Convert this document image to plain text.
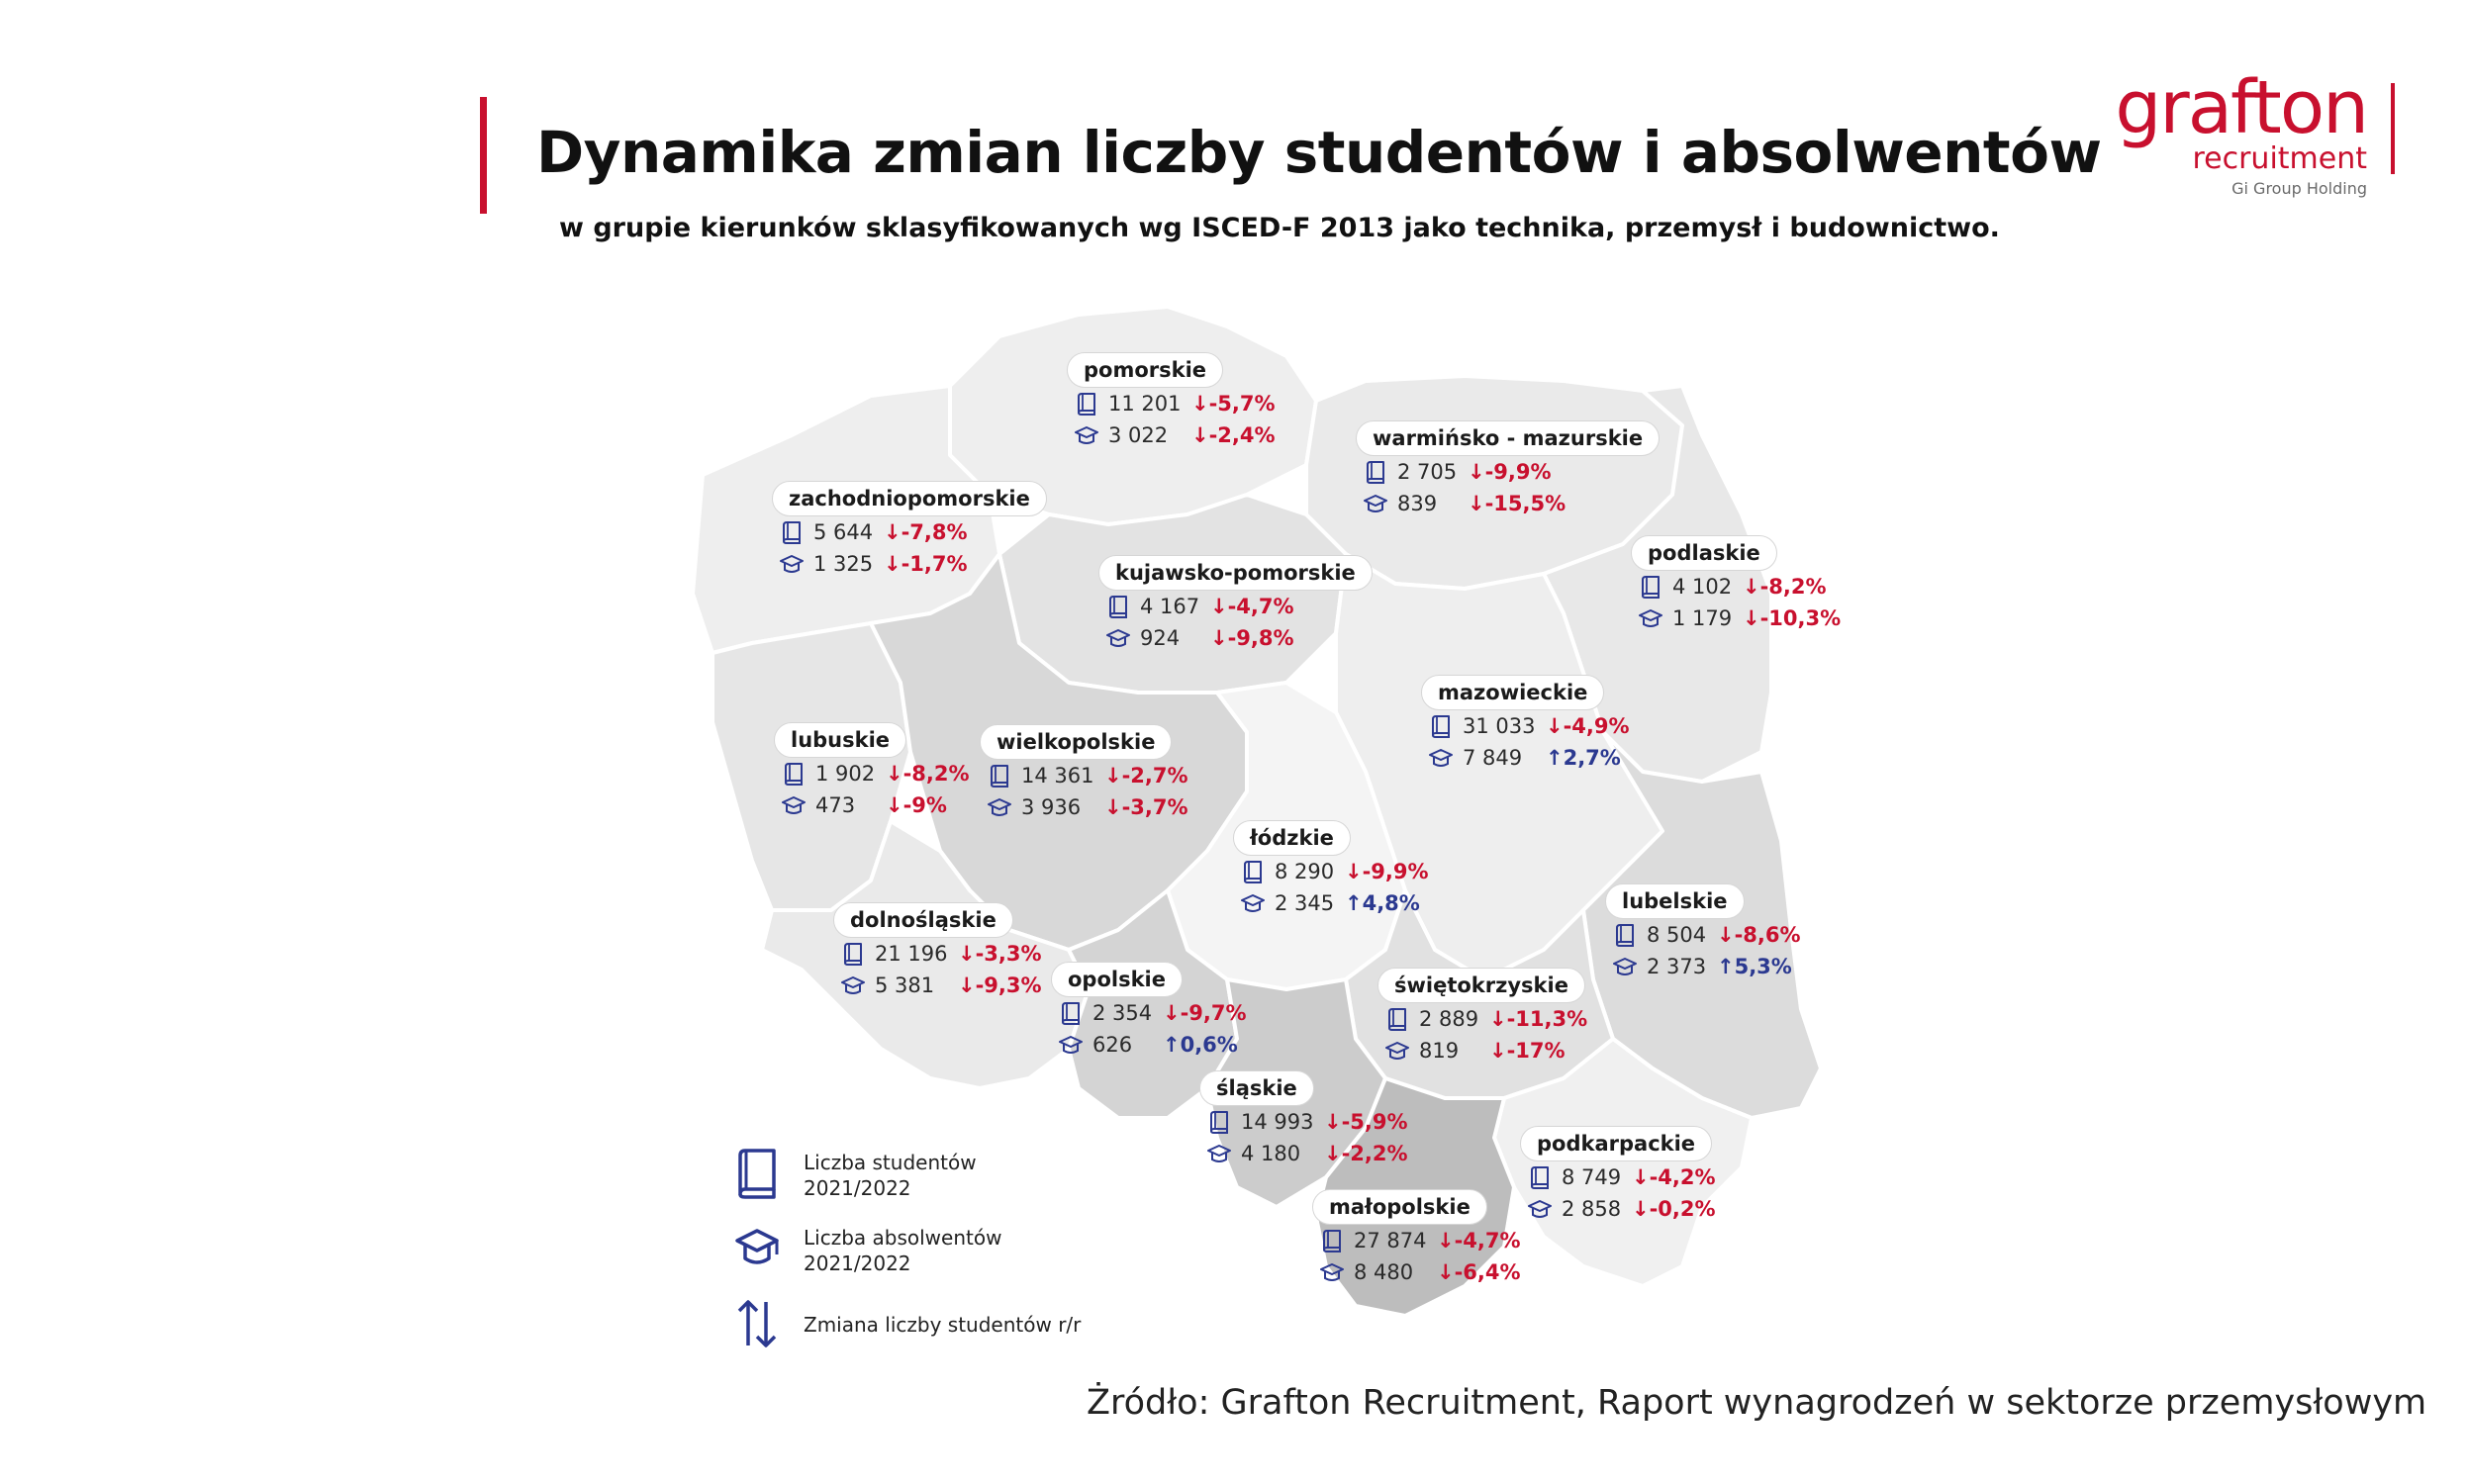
Dynamika zmian liczby studentów i absolwentów
w grupie kierunków sklasyfikowanych wg ISCED-F 2013 jako technika, przemysł i budownictwo.
grafton
recruitment
Gi Group Holding
pomorskie
11 201 ↓-5,7%
3 022	↓-2,4%	warmińsko - mazurskie
2 705 ↓-9,9%
839	↓-15,5%
zachodniopomorskie
5 644 ↓-7,8%
1 325 ↓-1,7%	kujawsko-pomorskie
4 167 ↓-4,7%
924	↓-9,8%
podlaskie
4 102 ↓-8,2%
1 179 ↓-10,3%
mazowieckie
31 033 ↓-4,9%
7 849	↑2,7%
lubuskie
1 902 ↓-8,2%
473	↓-9%
wielkopolskie
14 361 ↓-2,7%
3 936	↓-3,7%
łódzkie
8 290 ↓-9,9%
2 345 ↑4,8%	lubelskie
8 504 ↓-8,6%
2 373 ↑5,3%
dolnośląskie
21 196 ↓-3,3%
5 381	↓-9,3%	opolskie
2 354 ↓-9,7%
626	↑0,6%
świętokrzyskie
2 889 ↓-11,3%
819	↓-17%
śląskie
14 993 ↓-5,9%
4 180	↓-2,2%	podkarpackie
8 749 ↓-4,2%
2 858 ↓-0,2%
małopolskie
27 874 ↓-4,7%
8 480	↓-6,4%
Liczba studentów
2021/2022
Liczba absolwentów
2021/2022
Zmiana liczby studentów r/r
Żródło: Grafton Recruitment, Raport wynagrodzeń w sektorze przemysłowym
